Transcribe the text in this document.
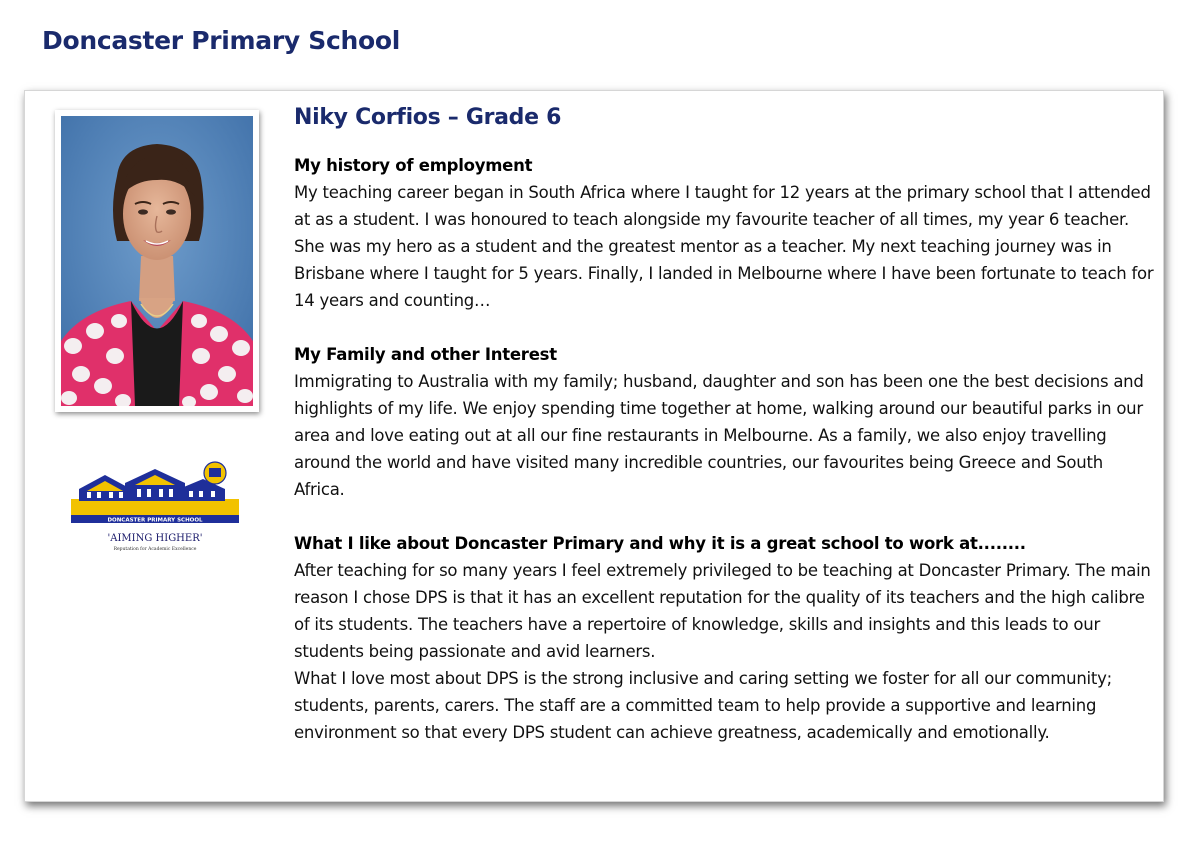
Doncaster Primary School
DONCASTER PRIMARY SCHOOL
'AIMING HIGHER'
Reputation for Academic Excellence
Niky Corfios – Grade 6
My history of employment

My teaching career began in South Africa where I taught for 12 years at the primary school that I attended at as a student. I was honoured to teach alongside my favourite teacher of all times, my year 6 teacher. She was my hero as a student and the greatest mentor as a teacher. My next teaching journey was in Brisbane where I taught for 5 years. Finally, I landed in Melbourne where I have been fortunate to teach for 14 years and counting…

My Family and other Interest

Immigrating to Australia with my family; husband, daughter and son has been one the best decisions and highlights of my life. We enjoy spending time together at home, walking around our beautiful parks in our area and love eating out at all our fine restaurants in Melbourne. As a family, we also enjoy travelling around the world and have visited many incredible countries, our favourites being Greece and South Africa.

What I like about Doncaster Primary and why it is a great school to work at........

After teaching for so many years I feel extremely privileged to be teaching at Doncaster Primary. The main reason I chose DPS is that it has an excellent reputation for the quality of its teachers and the high calibre of its students. The teachers have a repertoire of knowledge, skills and insights and this leads to our students being passionate and avid learners.

What I love most about DPS is the strong inclusive and caring setting we foster for all our community; students, parents, carers. The staff are a committed team to help provide a supportive and learning environment so that every DPS student can achieve greatness, academically and emotionally.
